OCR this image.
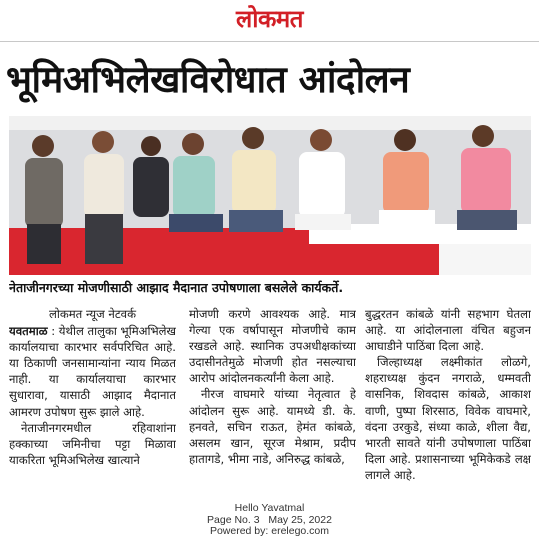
लोकमत
भूमिअभिलेखविरोधात आंदोलन
नेताजीनगरच्या मोजणीसाठी आझाद मैदानात उपोषणाला बसलेले कार्यकर्ते.
लोकमत न्यूज नेटवर्क

यवतमाळ : येथील तालुका भूमिअभिलेख कार्यालयाचा कारभार सर्वपरिचित आहे. या ठिकाणी जनसामान्यांना न्याय मिळत नाही. या कार्यालयाचा कारभार सुधारावा, यासाठी आझाद मैदानात आमरण उपोषण सुरू झाले आहे.

नेताजीनगरमधील रहिवाशांना हक्काच्या जमिनीचा पट्टा मिळावा याकरिता भूमिअभिलेख खात्याने

मोजणी करणे आवश्यक आहे. मात्र गेल्या एक वर्षापासून मोजणीचे काम रखडले आहे. स्थानिक उपअधीक्षकांच्या उदासीनतेमुळे मोजणी होत नसल्याचा आरोप आंदोलनकर्त्यांनी केला आहे.

नीरज वाघमारे यांच्या नेतृत्वात हे आंदोलन सुरू आहे. यामध्ये डी. के. हनवते, सचिन राऊत, हेमंत कांबळे, असलम खान, सूरज मेश्राम, प्रदीप हातागडे, भीमा नाडे, अनिरुद्ध कांबळे,

बुद्धरतन कांबळे यांनी सहभाग घेतला आहे. या आंदोलनाला वंचित बहुजन आघाडीने पाठिंबा दिला आहे.

जिल्हाध्यक्ष लक्ष्मीकांत लोळगे, शहराध्यक्ष कुंदन नगराळे, धम्मवती वासनिक, शिवदास कांबळे, आकाश वाणी, पुष्पा शिरसाठ, विवेक वाघमारे, वंदना उरकुडे, संध्या काळे, शीला वैद्य, भारती सावते यांनी उपोषणाला पाठिंबा दिला आहे. प्रशासनाच्या भूमिकेकडे लक्ष लागले आहे.

Hello Yavatmal
Page No. 3 May 25, 2022
Powered by: erelego.com
